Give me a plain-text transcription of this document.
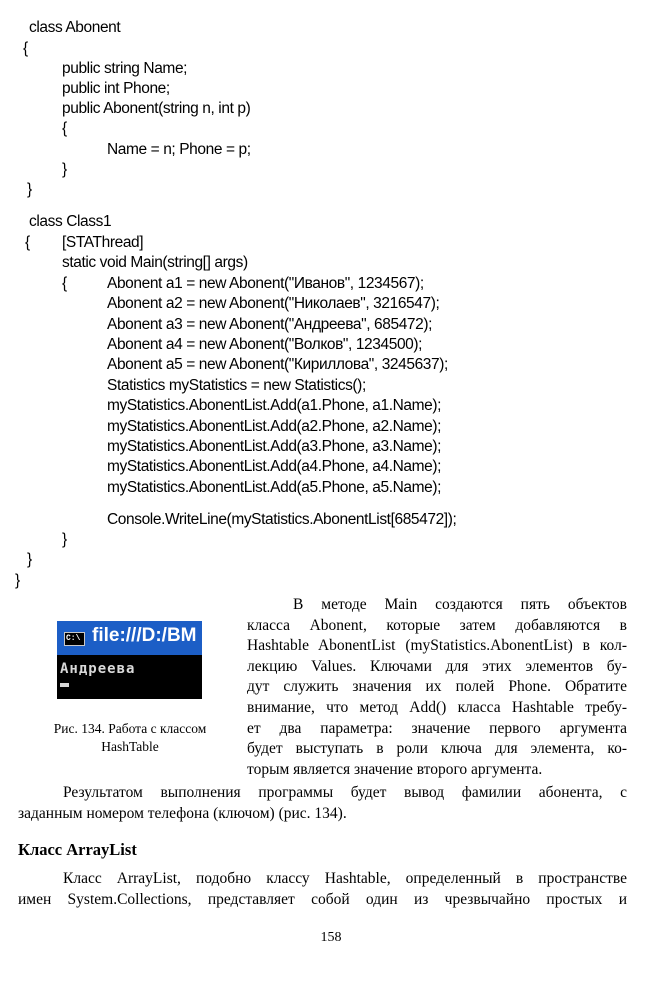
class Abonent

{

public string Name;

public int Phone;

public Abonent(string n, int p)

{

Name = n; Phone = p;

}

}

class Class1

{

[STAThread]

static void Main(string[] args)

{

	Abonent a1 = new Abonent("Иванов", 1234567);

Abonent a2 = new Abonent("Николаев", 3216547);

Abonent a3 = new Abonent("Андреева", 685472);

Abonent a4 = new Abonent("Волков", 1234500);

Abonent a5 = new Abonent("Кириллова", 3245637);

Statistics myStatistics = new Statistics();

myStatistics.AbonentList.Add(a1.Phone, a1.Name);

myStatistics.AbonentList.Add(a2.Phone, a2.Name);

myStatistics.AbonentList.Add(a3.Phone, a3.Name);

myStatistics.AbonentList.Add(a4.Phone, a4.Name);

myStatistics.AbonentList.Add(a5.Phone, a5.Name);

Console.WriteLine(myStatistics.AbonentList[685472]);

}

}

}

C:\ file:///D:/BM
Андреева
Рис. 134. Работа с классом
HashTable
В методе Main создаются пять объектов
класса Abonent, которые затем добавляются в
Hashtable AbonentList (myStatistics.AbonentList) в кол-
лекцию Values. Ключами для этих элементов бу-
дут служить значения их полей Phone. Обратите
внимание, что метод Add() класса Hashtable требу-
ет два параметра: значение первого аргумента
будет выступать в роли ключа для элемента, ко-
торым является значение второго аргумента.
Результатом выполнения программы будет вывод фамилии абонента, с
заданным номером телефона (ключом) (рис. 134).
Класс ArrayList
Класс ArrayList, подобно классу Hashtable, определенный в пространстве
имен System.Collections, представляет собой один из чрезвычайно простых и
158
